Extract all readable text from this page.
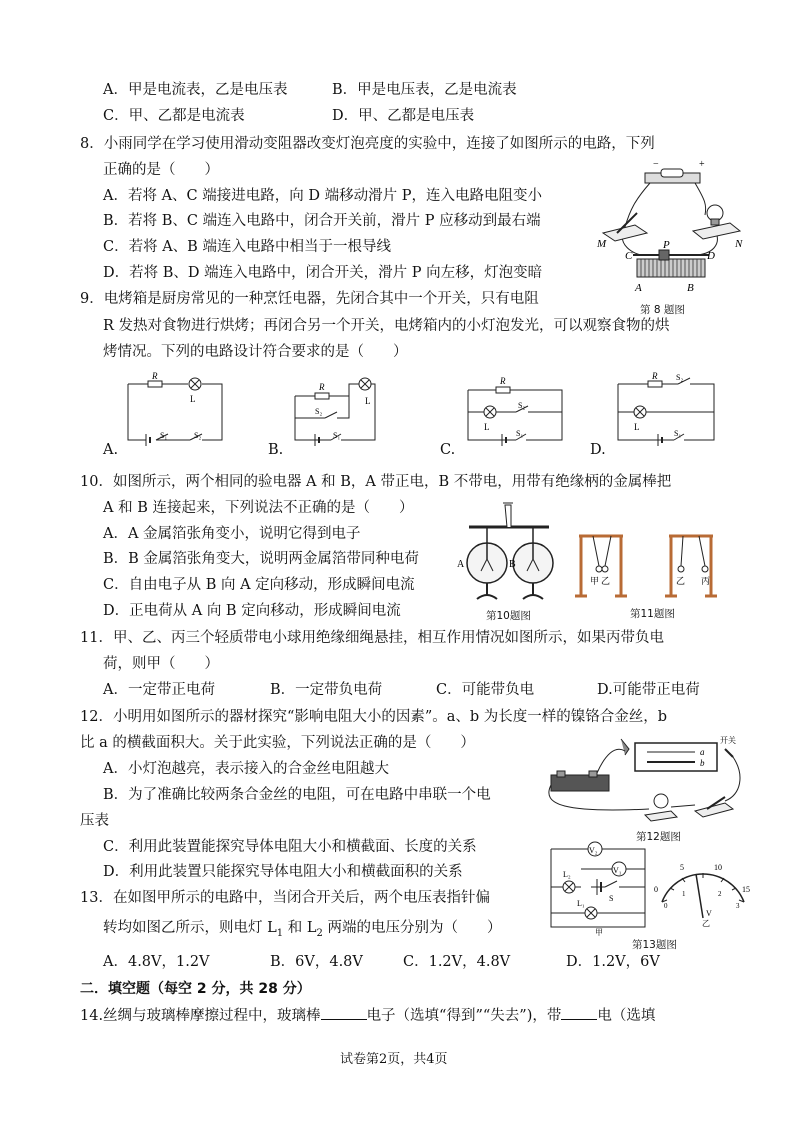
A．甲是电流表，乙是电压表	B．甲是电压表，乙是电流表
C．甲、乙都是电流表	D．甲、乙都是电压表
8．小雨同学在学习使用滑动变阻器改变灯泡亮度的实验中，连接了如图所示的电路，下列
正确的是（　　）
A．若将 A、C 端接进电路，向 D 端移动滑片 P，连入电路电阻变小
B．若将 B、C 端连入电路中，闭合开关前，滑片 P 应移动到最右端
C．若将 A、B 端连入电路中相当于一根导线
D．若将 B、D 端连入电路中，闭合开关，滑片 P 向左移，灯泡变暗
−	+
M	N
C	D
P
A	B
第 8 题图
9．电烤箱是厨房常见的一种烹饪电器，先闭合其中一个开关，只有电阻
R 发热对食物进行烘烤；再闭合另一个开关，电烤箱内的小灯泡发光，可以观察食物的烘
烤情况。下列的电路设计符合要求的是（　　）
A.
R
L
S₁	S₂
B.
R
L
S₂
S₁
C.
R
L
S₂
S₁
D.
R S₂
L
S₁
10．如图所示，两个相同的验电器 A 和 B，A 带正电，B 不带电，用带有绝缘柄的金属棒把
A 和 B 连接起来，下列说法不正确的是（　　）
A．A 金属箔张角变小，说明它得到电子
B．B 金属箔张角变大，说明两金属箔带同种电荷
C．自由电子从 B 向 A 定向移动，形成瞬间电流
D．正电荷从 A 向 B 定向移动，形成瞬间电流
A	B
第10题图
甲 乙	乙 丙
第11题图
11．甲、乙、丙三个轻质带电小球用绝缘细绳悬挂，相互作用情况如图所示，如果丙带负电
荷，则甲（　　）
A．一定带正电荷	B．一定带负电荷	C．可能带负电	D.可能带正电荷
12．小明用如图所示的器材探究“影响电阻大小的因素”。a、b 为长度一样的镍铬合金丝，b
比 a 的横截面积大。关于此实验，下列说法正确的是（　　）
A．小灯泡越亮，表示接入的合金丝电阻越大
B．为了准确比较两条合金丝的电阻，可在电路中串联一个电
压表
C．利用此装置能探究导体电阻大小和横截面、长度的关系
D．利用此装置只能探究导体电阻大小和横截面积的关系
a
b
开关
第12题图
13．在如图甲所示的电路中，当闭合开关后，两个电压表指针偏
转均如图乙所示，则电灯 $L_1$ 和 $L_2$ 两端的电压分别为（　　）
A．4.8V，1.2V	B．6V，4.8V	C．1.2V，4.8V	D．1.2V，6V
V₂
V₁
L₂
L₁
S
甲
5	10
0	15
0
1	2
3
V
乙
第13题图
二．填空题（每空 2 分，共 28 分）
14.丝绸与玻璃棒摩擦过程中，玻璃棒	电子（选填“得到”“失去”)，带 电（选填
试卷第2页，共4页
